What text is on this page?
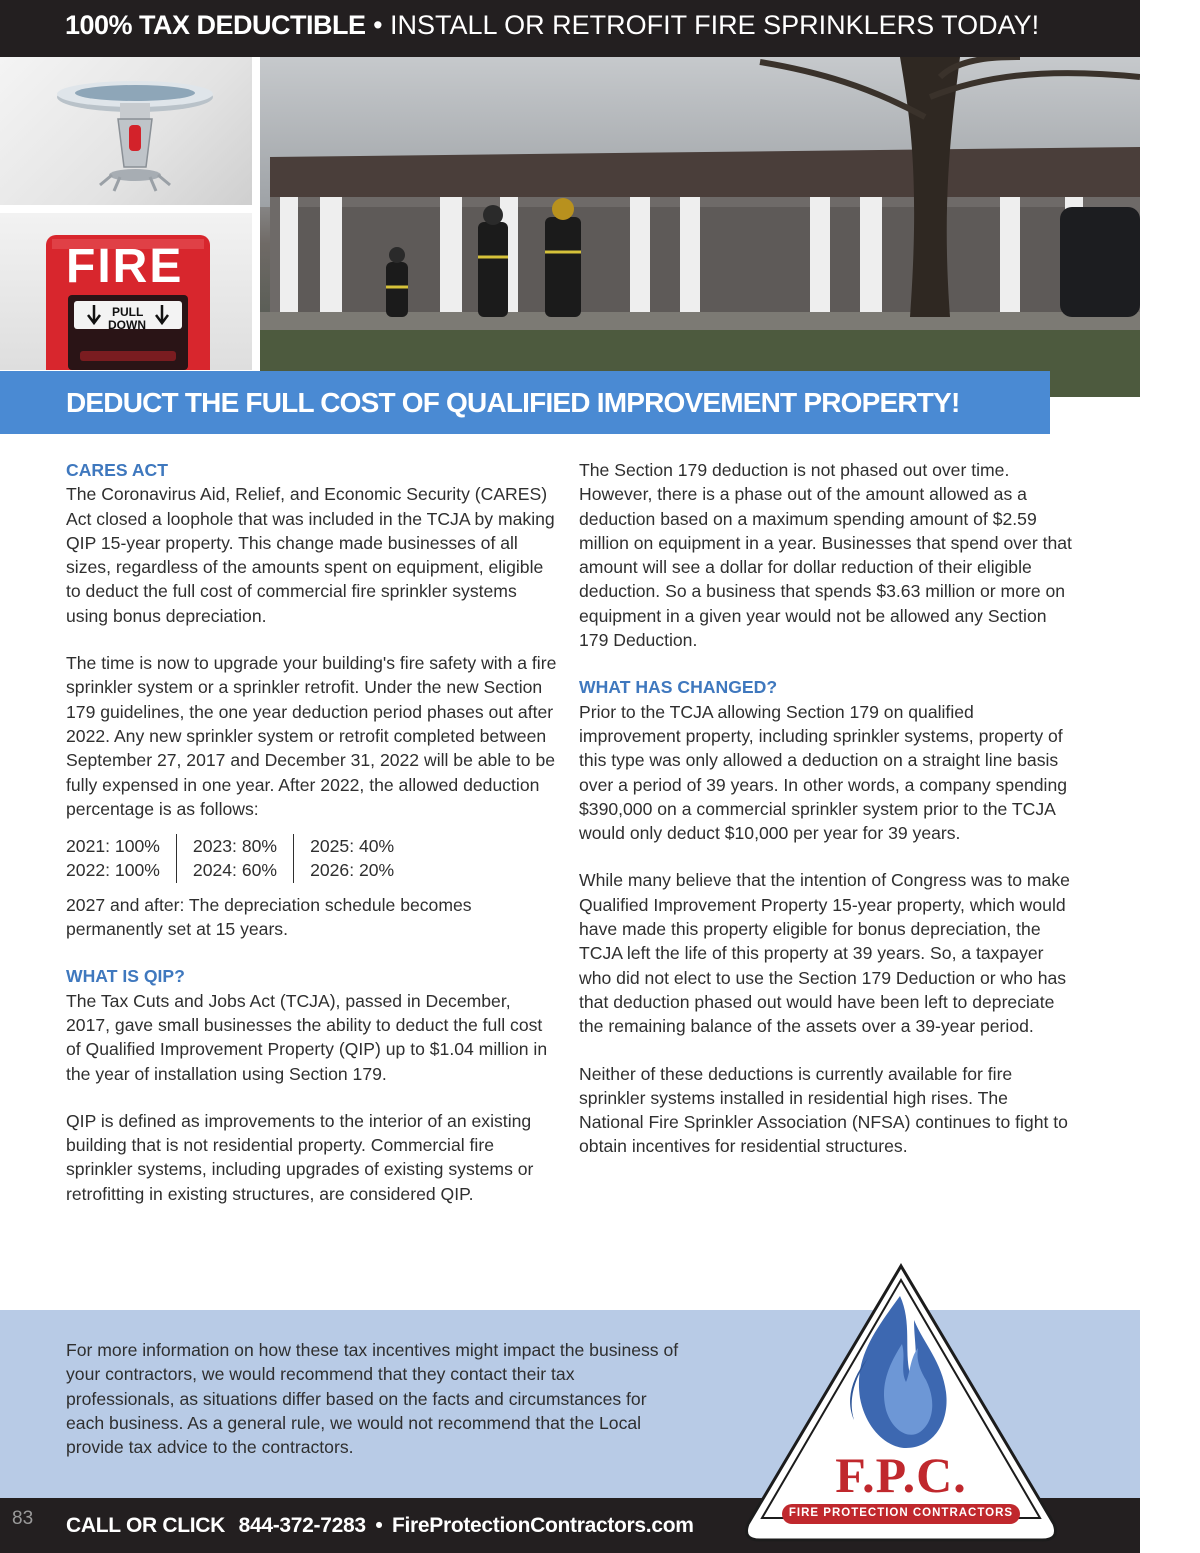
100% TAX DEDUCTIBLE • INSTALL OR RETROFIT FIRE SPRINKLERS TODAY!
FIRE
PULL
DOWN
DEDUCT THE FULL COST OF QUALIFIED IMPROVEMENT PROPERTY!
CARES ACT

The Coronavirus Aid, Relief, and Economic Security (CARES) Act closed a loophole that was included in the TCJA by making QIP 15-year property. This change made businesses of all sizes, regardless of the amounts spent on equipment, eligible to deduct the full cost of commercial fire sprinkler systems using bonus depreciation.

The time is now to upgrade your building's fire safety with a fire sprinkler system or a sprinkler retrofit. Under the new Section 179 guidelines, the one year deduction period phases out after 2022. Any new sprinkler system or retrofit completed between September 27, 2017 and December 31, 2022 will be able to be fully expensed in one year. After 2022, the allowed deduction percentage is as follows:

2021: 100%
2022: 100%
2023: 80%
2024: 60%
2025: 40%
2026: 20%

2027 and after: The depreciation schedule becomes permanently set at 15 years.

WHAT IS QIP?

The Tax Cuts and Jobs Act (TCJA), passed in December, 2017, gave small businesses the ability to deduct the full cost of Qualified Improvement Property (QIP) up to $1.04 million in the year of installation using Section 179.

QIP is defined as improvements to the interior of an existing building that is not residential property. Commercial fire sprinkler systems, including upgrades of existing systems or retrofitting in existing structures, are considered QIP.

The Section 179 deduction is not phased out over time. However, there is a phase out of the amount allowed as a deduction based on a maximum spending amount of $2.59 million on equipment in a year. Businesses that spend over that amount will see a dollar for dollar reduction of their eligible deduction. So a business that spends $3.63 million or more on equipment in a given year would not be allowed any Section 179 Deduction.

WHAT HAS CHANGED?

Prior to the TCJA allowing Section 179 on qualified improvement property, including sprinkler systems, property of this type was only allowed a deduction on a straight line basis over a period of 39 years. In other words, a company spending $390,000 on a commercial sprinkler system prior to the TCJA would only deduct $10,000 per year for 39 years.

While many believe that the intention of Congress was to make Qualified Improvement Property 15-year property, which would have made this property eligible for bonus depreciation, the TCJA left the life of this property at 39 years. So, a taxpayer who did not elect to use the Section 179 Deduction or who has that deduction phased out would have been left to depreciate the remaining balance of the assets over a 39-year period.

Neither of these deductions is currently available for fire sprinkler systems installed in residential high rises. The National Fire Sprinkler Association (NFSA) continues to fight to obtain incentives for residential structures.

For more information on how these tax incentives might impact the business of your contractors, we would recommend that they contact their tax professionals, as situations differ based on the facts and circumstances for each business. As a general rule, we would not recommend that the Local provide tax advice to the contractors.
83 CALL OR CLICK 844-372-7283 • FireProtectionContractors.com
F.P.C.
FIRE PROTECTION CONTRACTORS
